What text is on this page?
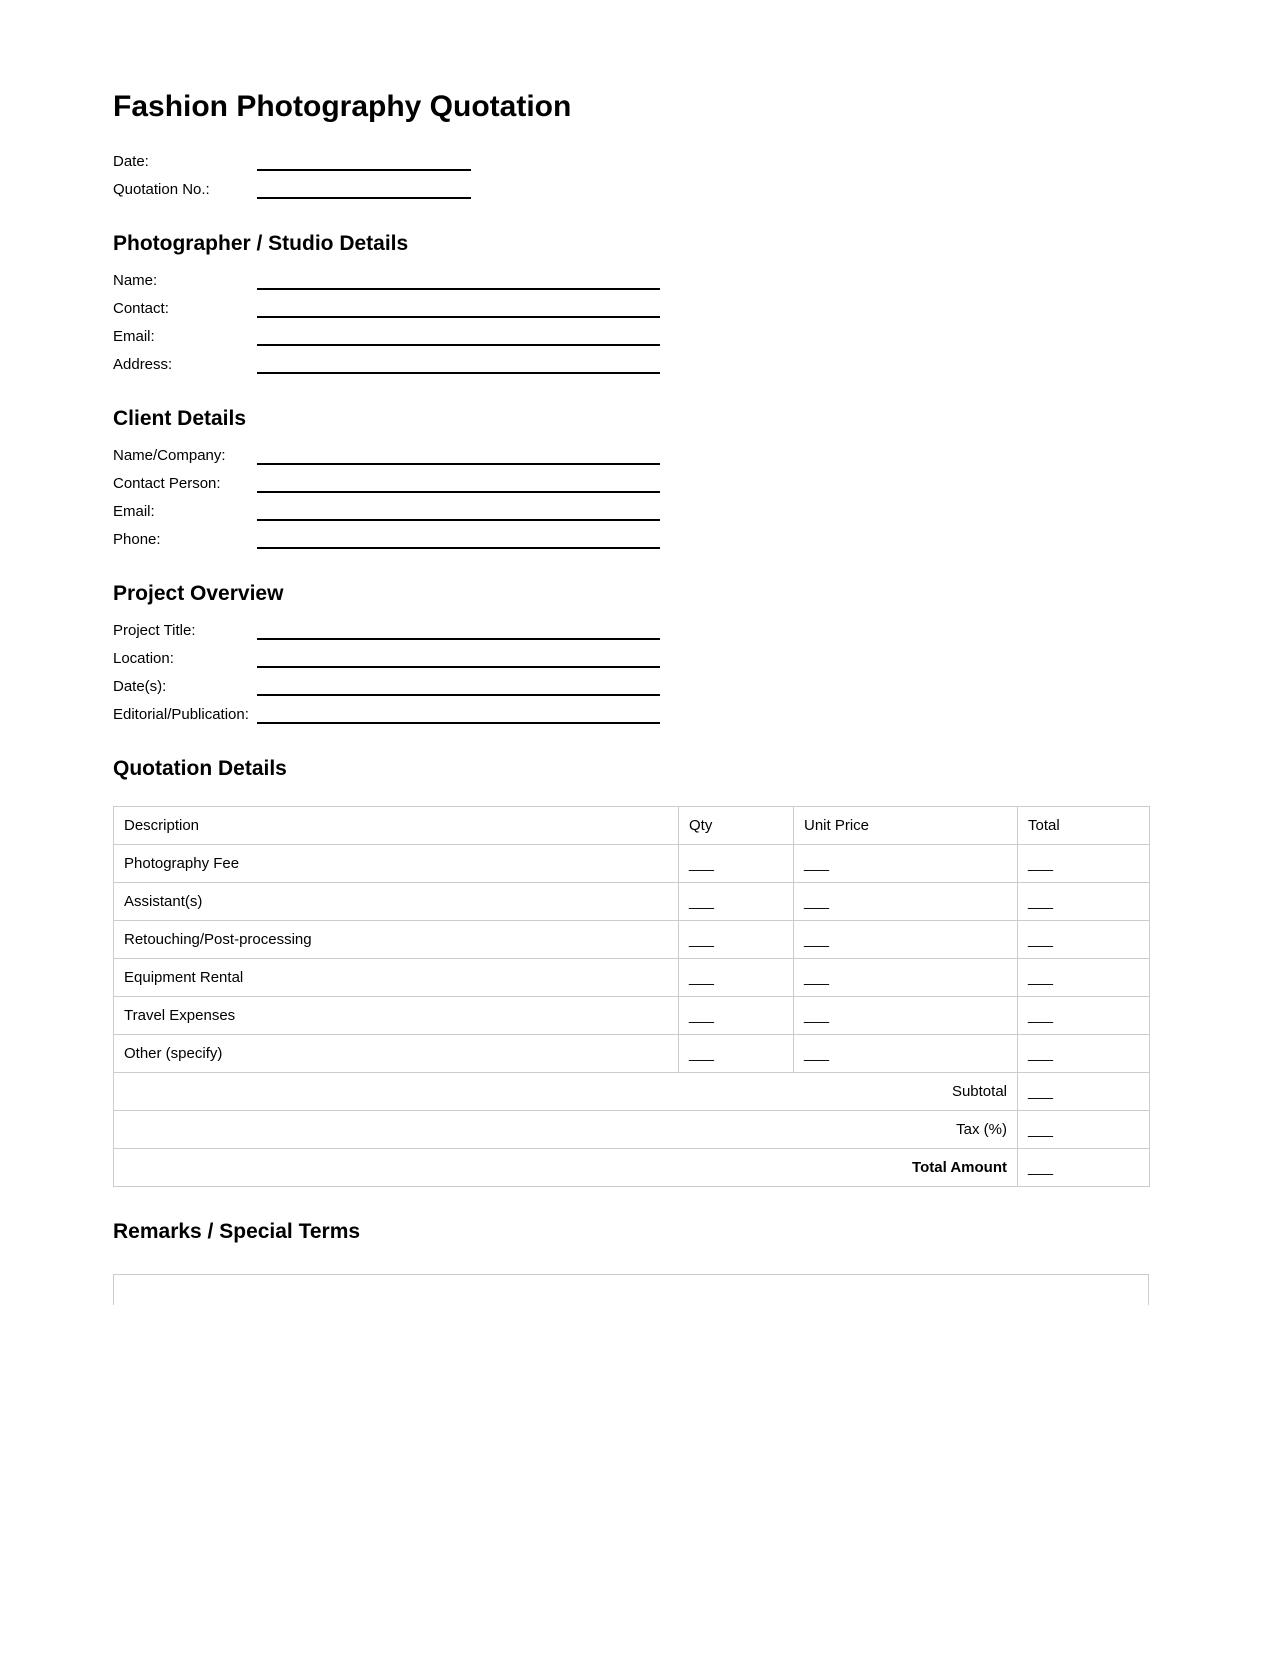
Fashion Photography Quotation
Date:
Quotation No.:
Photographer / Studio Details
Name:
Contact:
Email:
Address:
Client Details
Name/Company:
Contact Person:
Email:
Phone:
Project Overview
Project Title:
Location:
Date(s):
Editorial/Publication:
Quotation Details
Description	Qty	Unit Price	Total
Photography Fee	___	___	___
Assistant(s)	___	___	___
Retouching/Post-processing	___	___	___
Equipment Rental	___	___	___
Travel Expenses	___	___	___
Other (specify)	___	___	___
Subtotal			___
Tax (%)			___
Total Amount			___
Remarks / Special Terms
